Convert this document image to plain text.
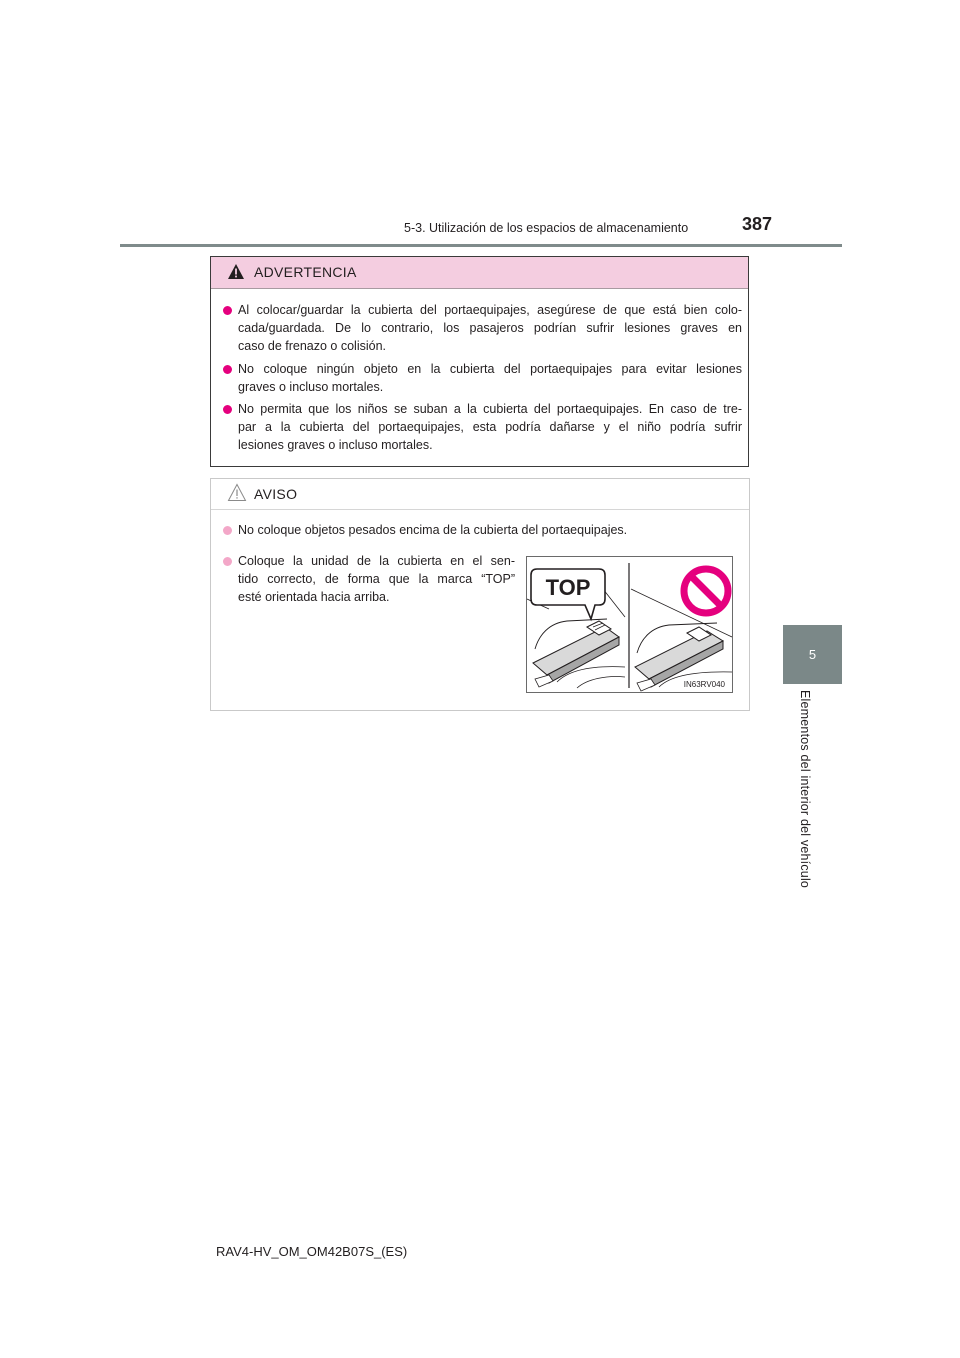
5-3. Utilización de los espacios de almacenamiento	387
5
Elementos del interior del vehículo
ADVERTENCIA
Al colocar/guardar la cubierta del portaequipajes, asegúrese de que está bien colo-
cada/guardada. De lo contrario, los pasajeros podrían sufrir lesiones graves en
caso de frenazo o colisión.
No coloque ningún objeto en la cubierta del portaequipajes para evitar lesiones
graves o incluso mortales.
No permita que los niños se suban a la cubierta del portaequipajes. En caso de tre-
par a la cubierta del portaequipajes, esta podría dañarse y el niño podría sufrir
lesiones graves o incluso mortales.
AVISO
No coloque objetos pesados encima de la cubierta del portaequipajes.
Coloque la unidad de la cubierta en el sen-
tido correcto, de forma que la marca “TOP”
esté orientada hacia arriba.	TOP
IN63RV040
RAV4-HV_OM_OM42B07S_(ES)
